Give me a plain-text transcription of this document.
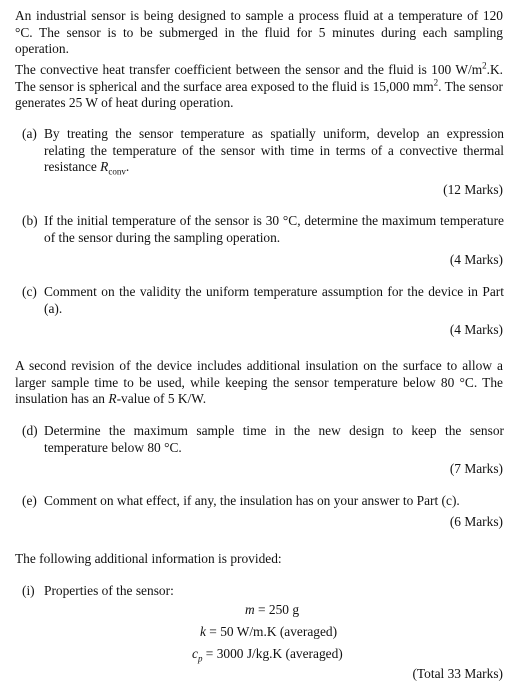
An industrial sensor is being designed to sample a process fluid at a temperature of 120 °C. The sensor is to be submerged in the fluid for 5 minutes during each sampling operation.

The convective heat transfer coefficient between the sensor and the fluid is 100 $W/m^2.K$. The sensor is spherical and the surface area exposed to the fluid is 15,000 $mm^2$. The sensor generates 25 W of heat during operation.

(a) By treating the sensor temperature as spatially uniform, develop an expression relating the temperature of the sensor with time in terms of a convective thermal resistance $R_{conv}$.

(12 Marks)

(b) If the initial temperature of the sensor is 30 °C, determine the maximum temperature of the sensor during the sampling operation.

(4 Marks)

(c) Comment on the validity the uniform temperature assumption for the device in Part (a).

(4 Marks)

A second revision of the device includes additional insulation on the surface to allow a larger sample time to be used, while keeping the sensor temperature below 80 °C. The insulation has an R-value of 5 K/W.

(d) Determine the maximum sample time in the new design to keep the sensor temperature below 80 °C.

(7 Marks)

(e) Comment on what effect, if any, the insulation has on your answer to Part (c).

(6 Marks)

The following additional information is provided:

(i) Properties of the sensor:

m = 250 g

k = 50 W/m.K (averaged)

$c_p = 3000$ J/kg.K (averaged)

(Total 33 Marks)
